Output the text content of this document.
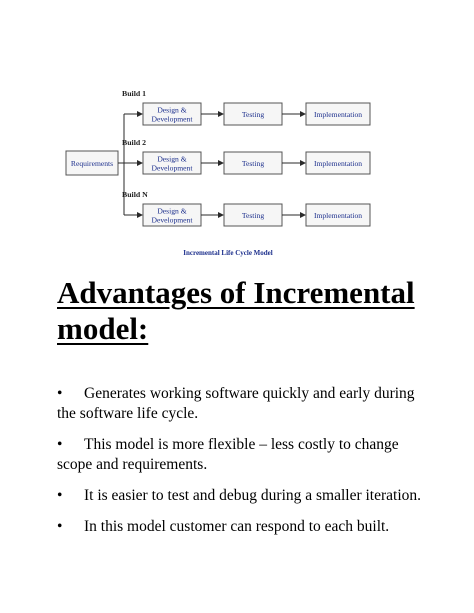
Requirements
Build 1
Design &
Development	Testing	Implementation
Build 2
Design &
Development	Testing	Implementation
Build N
Design &
Development	Testing	Implementation
Incremental Life Cycle Model
Advantages of Incremental
model:
• Generates working software quickly and early during the software life cycle.
• This model is more flexible – less costly to change scope and requirements.
• It is easier to test and debug during a smaller iteration.
• In this model customer can respond to each built.
